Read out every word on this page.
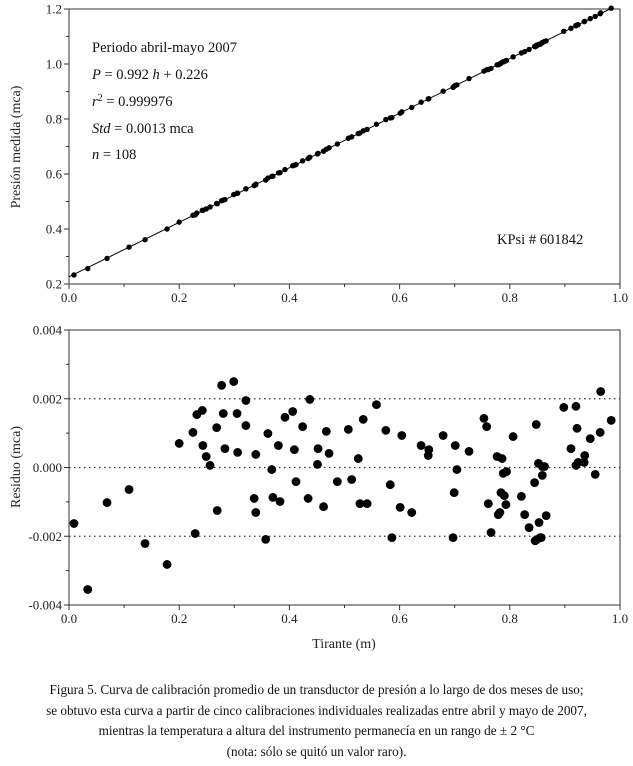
Periodo abril-mayo 2007
P = 0.992 h + 0.226
$r^2 = 0.999976$
Std = 0.0013 mca
n = 108
KPsi # 601842
Presión medida (mca)
0.0	0.2	0.4	0.6	0.8	1.0
0.2
0.4
0.6
0.8
1.0
1.2
Residuo (mca)
Tirante (m)
0.0	0.2	0.4	0.6	0.8	1.0
-0.004
-0.002
0.000
0.002
0.004
Figura 5. Curva de calibración promedio de un transductor de presión a lo largo de dos meses de uso;
se obtuvo esta curva a partir de cinco calibraciones individuales realizadas entre abril y mayo de 2007,
mientras la temperatura a altura del instrumento permanecía en un rango de ± 2 °C
(nota: sólo se quitó un valor raro).
